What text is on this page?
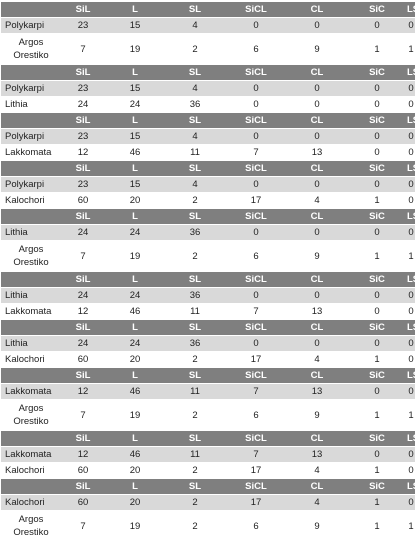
	SiL	L	SL	SiCL	CL	SiC	LS	
Polykarpi	23	15	4	0	0	0	0	
Argos Orestiko	7	19	2	6	9	1	1	
	SiL	L	SL	SiCL	CL	SiC	LS	
Polykarpi	23	15	4	0	0	0	0	
Lithia	24	24	36	0	0	0	0	
	SiL	L	SL	SiCL	CL	SiC	LS	
Polykarpi	23	15	4	0	0	0	0	
Lakkomata	12	46	11	7	13	0	0	
	SiL	L	SL	SiCL	CL	SiC	LS	
Polykarpi	23	15	4	0	0	0	0	
Kalochori	60	20	2	17	4	1	0	
	SiL	L	SL	SiCL	CL	SiC	LS	
Lithia	24	24	36	0	0	0	0	
Argos Orestiko	7	19	2	6	9	1	1	
	SiL	L	SL	SiCL	CL	SiC	LS	
Lithia	24	24	36	0	0	0	0	
Lakkomata	12	46	11	7	13	0	0	
	SiL	L	SL	SiCL	CL	SiC	LS	
Lithia	24	24	36	0	0	0	0	
Kalochori	60	20	2	17	4	1	0	
	SiL	L	SL	SiCL	CL	SiC	LS	
Lakkomata	12	46	11	7	13	0	0	
Argos Orestiko	7	19	2	6	9	1	1	
	SiL	L	SL	SiCL	CL	SiC	LS	
Lakkomata	12	46	11	7	13	0	0	
Kalochori	60	20	2	17	4	1	0	
	SiL	L	SL	SiCL	CL	SiC	LS	
Kalochori	60	20	2	17	4	1	0	
Argos Orestiko	7	19	2	6	9	1	1	
